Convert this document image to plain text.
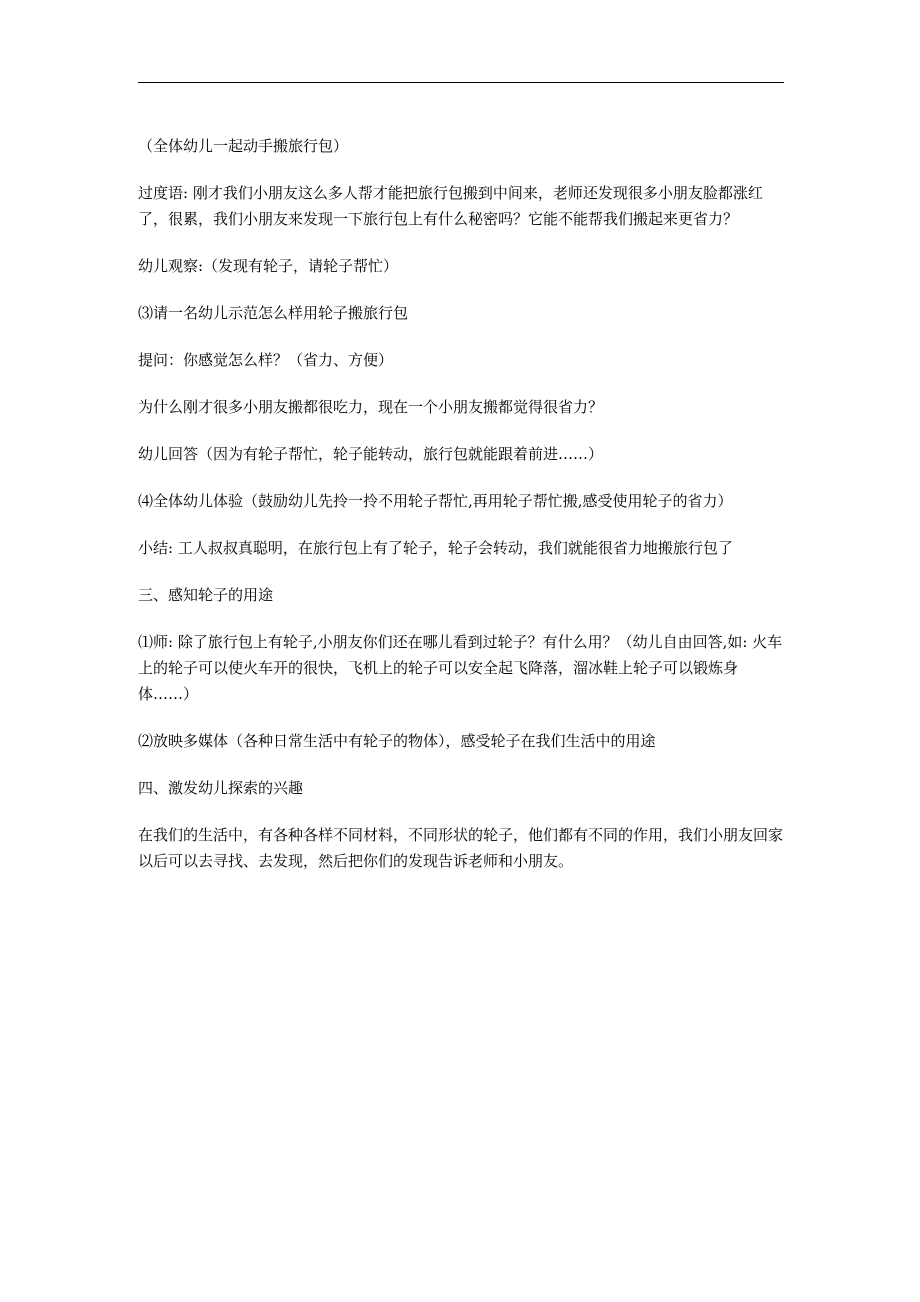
（全体幼儿一起动手搬旅行包）

过度语: 刚才我们小朋友这么多人帮才能把旅行包搬到中间来，老师还发现很多小朋友脸都涨红了，很累，我们小朋友来发现一下旅行包上有什么秘密吗？它能不能帮我们搬起来更省力？

幼儿观察:（发现有轮子，请轮子帮忙）

⑶请一名幼儿示范怎么样用轮子搬旅行包

提问：你感觉怎么样？（省力、方便）

为什么刚才很多小朋友搬都很吃力，现在一个小朋友搬都觉得很省力？

幼儿回答（因为有轮子帮忙，轮子能转动，旅行包就能跟着前进……）

⑷全体幼儿体验（鼓励幼儿先拎一拎不用轮子帮忙,再用轮子帮忙搬,感受使用轮子的省力）

小结: 工人叔叔真聪明，在旅行包上有了轮子，轮子会转动，我们就能很省力地搬旅行包了

三、感知轮子的用途

⑴师: 除了旅行包上有轮子,小朋友你们还在哪儿看到过轮子？有什么用？（幼儿自由回答,如: 火车上的轮子可以使火车开的很快，飞机上的轮子可以安全起飞降落，溜冰鞋上轮子可以锻炼身体……）

⑵放映多媒体（各种日常生活中有轮子的物体），感受轮子在我们生活中的用途

四、激发幼儿探索的兴趣

在我们的生活中，有各种各样不同材料，不同形状的轮子，他们都有不同的作用，我们小朋友回家以后可以去寻找、去发现，然后把你们的发现告诉老师和小朋友。
